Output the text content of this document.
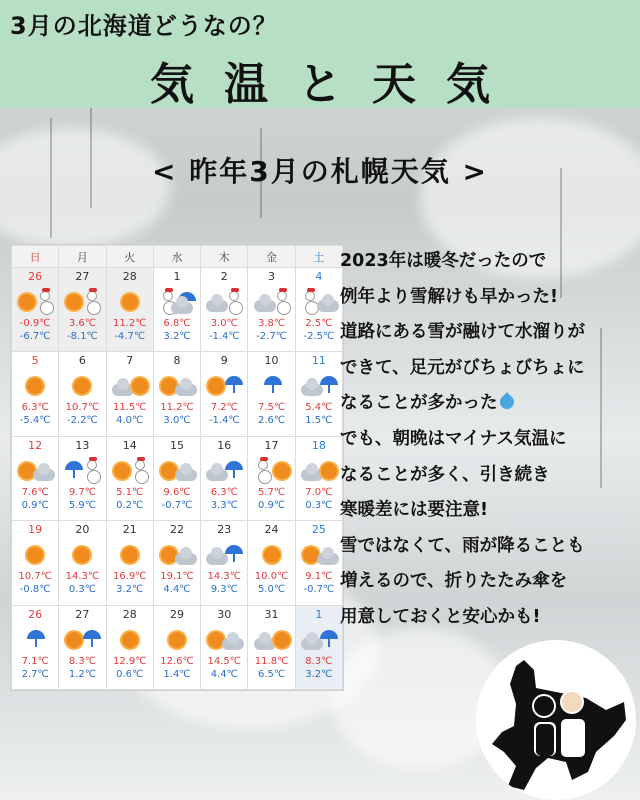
3月の北海道どうなの？
気温と天気
< 昨年3月の札幌天気 >
日	月	火	水	木	金	土

26
-0.9℃
-6.7℃	27
3.6℃
-8.1℃	28
11.2℃
-4.7℃	1
6.8℃
3.2℃	2
3.0℃
-1.4℃	3
3.8℃
-2.7℃	4
2.5℃
-2.5℃

5
6.3℃
-5.4℃	6
10.7℃
-2.2℃	7
11.5℃
4.0℃	8
11.2℃
3.0℃	9
7.2℃
-1.4℃	10
7.5℃
2.6℃	11
5.4℃
1.5℃

12
7.6℃
0.9℃	13
9.7℃
5.9℃	14
5.1℃
0.2℃	15
9.6℃
-0.7℃	16
6.3℃
3.3℃	17
5.7℃
0.9℃	18
7.0℃
0.3℃

19
10.7℃
-0.8℃	20
14.3℃
0.3℃	21
16.9℃
3.2℃	22
19.1℃
4.4℃	23
14.3℃
9.3℃	24
10.0℃
5.0℃	25
9.1℃
-0.7℃

26
7.1℃
2.7℃	27
8.3℃
1.2℃	28
12.9℃
0.6℃	29
12.6℃
1.4℃	30
14.5℃
4.4℃	31
11.8℃
6.5℃	1
8.3℃
3.2℃
2023年は暖冬だったので
例年より雪解けも早かった!
道路にある雪が融けて水溜りが
できて、足元がびちょびちょに
なることが多かった
でも、朝晩はマイナス気温に
なることが多く、引き続き
寒暖差には要注意!
雪ではなくて、雨が降ることも
増えるので、折りたたみ傘を
用意しておくと安心かも!
